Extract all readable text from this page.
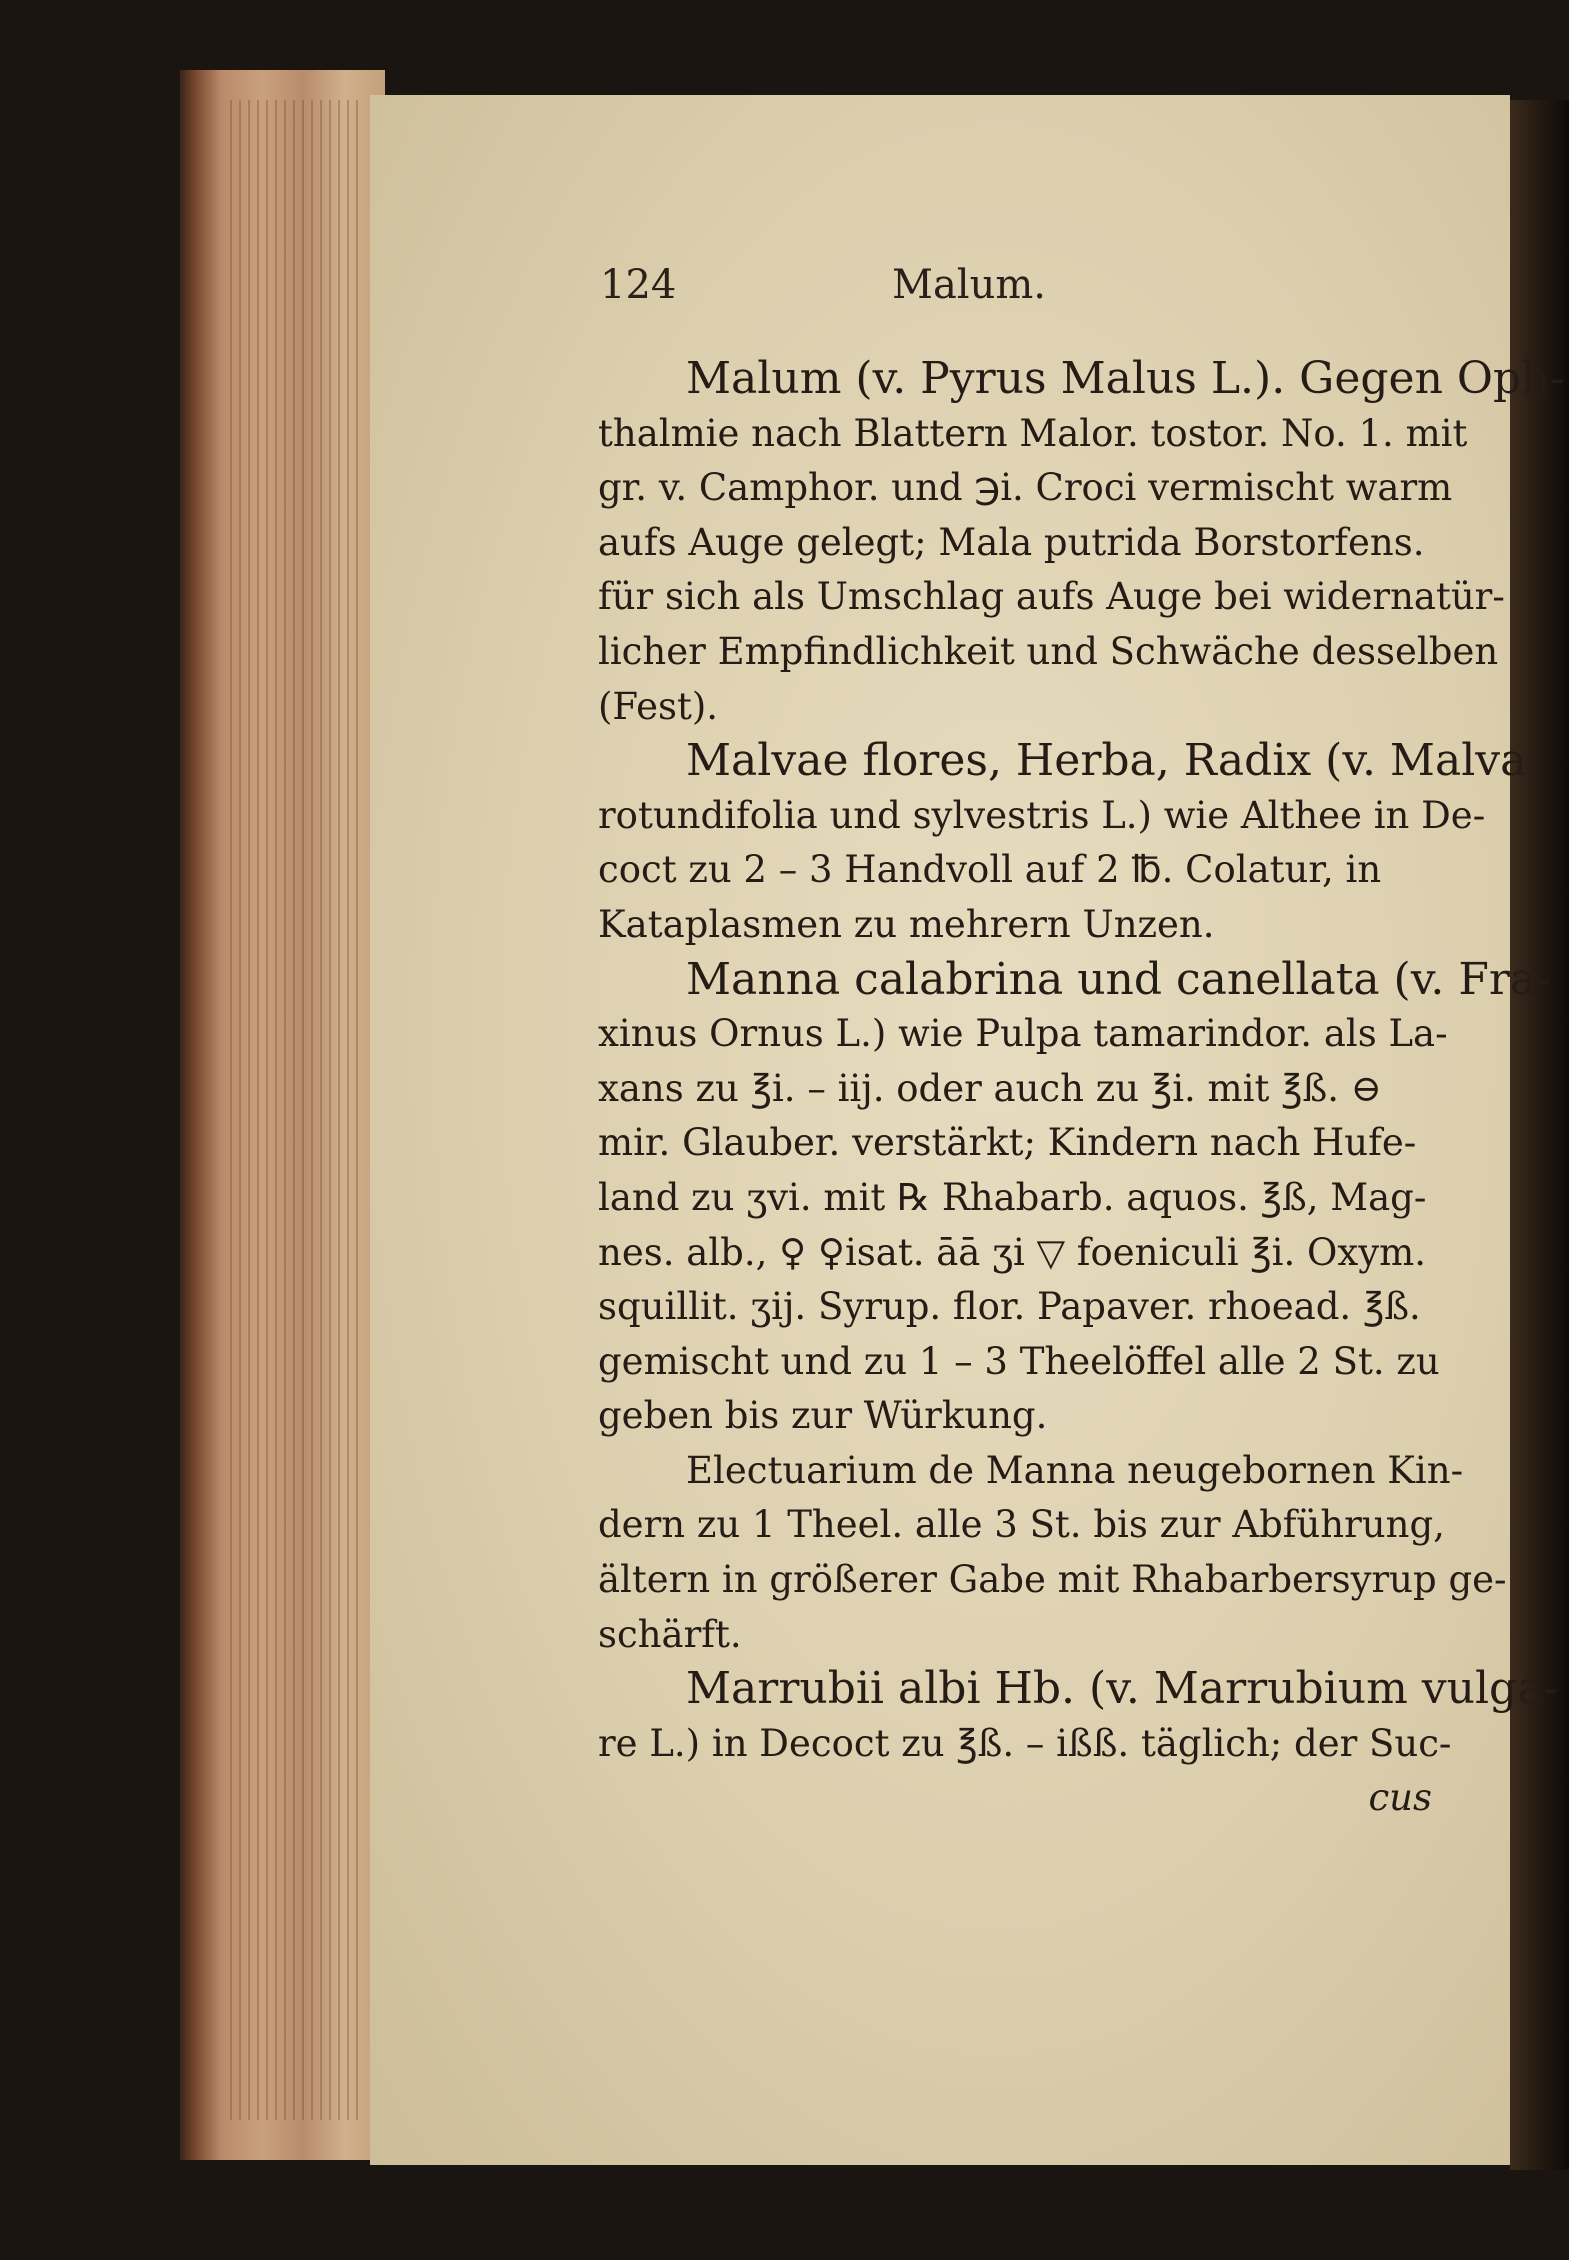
124	Malum.
Malum (v. Pyrus Malus L.). Gegen Oph-
thalmie nach Blattern Malor. tostor. No. 1. mit
gr. v. Camphor. und ℈i. Croci vermischt warm
aufs Auge gelegt; Mala putrida Borstorfens.
für sich als Umschlag aufs Auge bei widernatür-
licher Empfindlichkeit und Schwäche desselben
(Fest).
Malvae flores, Herba, Radix (v. Malva
rotundifolia und sylvestris L.) wie Althee in De-
coct zu 2 – 3 Handvoll auf 2 ℔. Colatur, in
Kataplasmen zu mehrern Unzen.
Manna calabrina und canellata (v. Fra-
xinus Ornus L.) wie Pulpa tamarindor. als La-
xans zu ℥i. – iij. oder auch zu ℥i. mit ℥ß. ⊖
mir. Glauber. verstärkt; Kindern nach Hufe-
land zu ʒvi. mit ℞ Rhabarb. aquos. ℥ß, Mag-
nes. alb., ♀ ♀isat. āā ʒi ▽ foeniculi ℥i. Oxym.
squillit. ʒij. Syrup. flor. Papaver. rhoead. ℥ß.
gemischt und zu 1 – 3 Theelöffel alle 2 St. zu
geben bis zur Würkung.
Electuarium de Manna neugebornen Kin-
dern zu 1 Theel. alle 3 St. bis zur Abführung,
ältern in größerer Gabe mit Rhabarbersyrup ge-
schärft.
Marrubii albi Hb. (v. Marrubium vulga-
re L.) in Decoct zu ℥ß. – ißß. täglich; der Suc-
cus
